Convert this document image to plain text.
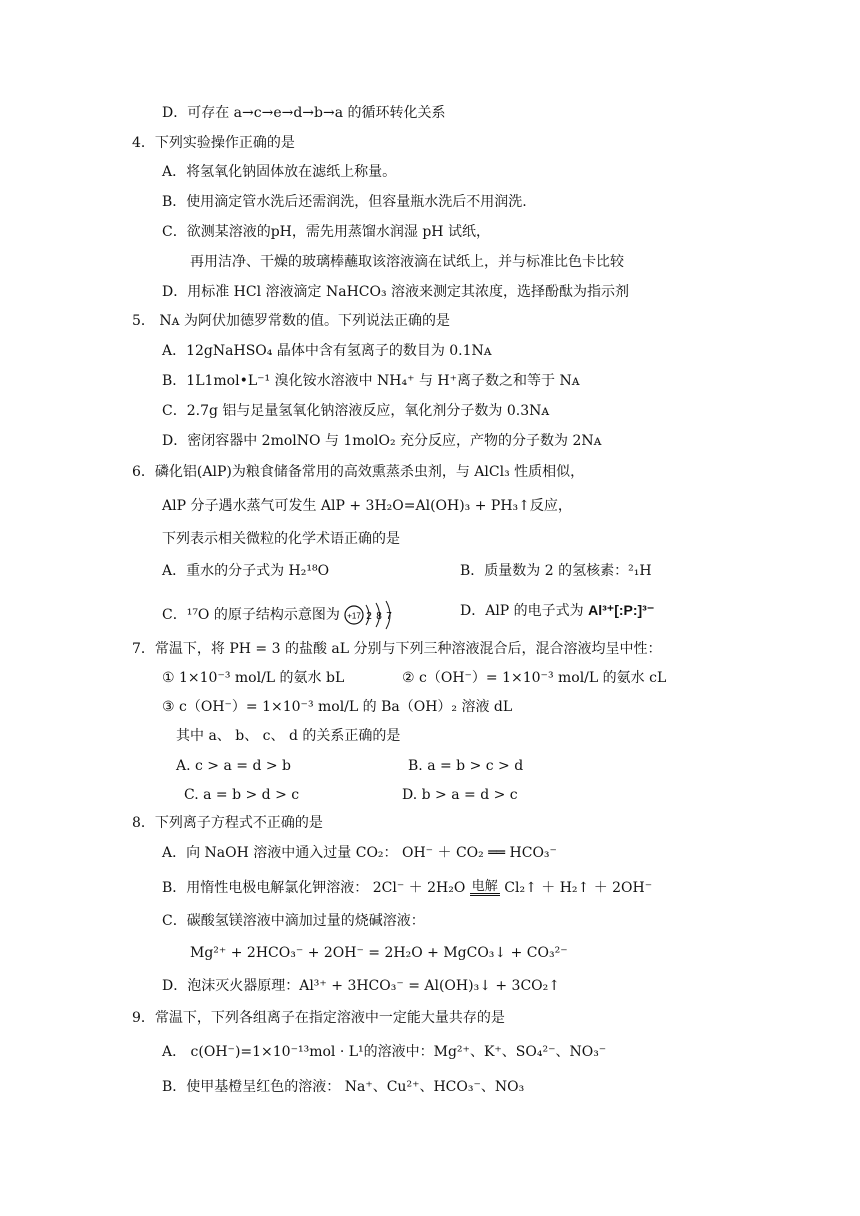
D．可存在 a→c→e→d→b→a 的循环转化关系
4．下列实验操作正确的是
A．将氢氧化钠固体放在滤纸上称量。
B．使用滴定管水洗后还需润洗，但容量瓶水洗后不用润洗.
C．欲测某溶液的pH，需先用蒸馏水润湿 pH 试纸，
再用洁净、干燥的玻璃棒蘸取该溶液滴在试纸上，并与标准比色卡比较
D．用标准 HCl 溶液滴定 NaHCO₃ 溶液来测定其浓度，选择酚酞为指示剂
5． Nᴀ 为阿伏加德罗常数的值。下列说法正确的是
A．12gNaHSO₄ 晶体中含有氢离子的数目为 0.1Nᴀ
B．1L1mol•L⁻¹ 溴化铵水溶液中 NH₄⁺ 与 H⁺离子数之和等于 Nᴀ
C．2.7g 铝与足量氢氧化钠溶液反应，氧化剂分子数为 0.3Nᴀ
D．密闭容器中 2molNO 与 1molO₂ 充分反应，产物的分子数为 2Nᴀ
6．磷化铝(AlP)为粮食储备常用的高效熏蒸杀虫剂，与 AlCl₃ 性质相似，
AlP 分子遇水蒸气可发生 AlP + 3H₂O=Al(OH)₃ + PH₃↑反应，
下列表示相关微粒的化学术语正确的是
A．重水的分子式为 H₂¹⁸O	B．质量数为 2 的氢核素：²₁H
C．¹⁷O 的原子结构示意图为 +17 2 8 7	D．AlP 的电子式为 Al³⁺[:P:]³⁻
7．常温下，将 PH = 3 的盐酸 aL 分别与下列三种溶液混合后，混合溶液均呈中性：
① 1×10⁻³ mol/L 的氨水 bL	② c（OH⁻）= 1×10⁻³ mol/L 的氨水 cL
③ c（OH⁻）= 1×10⁻³ mol/L 的 Ba（OH）₂ 溶液 dL
其中 a、 b、 c、 d 的关系正确的是
A. c > a = d > b	B. a = b > c > d
C. a = b > d > c	D. b > a = d > c
8．下列离子方程式不正确的是
A．向 NaOH 溶液中通入过量 CO₂： OH⁻ ＋ CO₂ ══ HCO₃⁻
B．用惰性电极电解氯化钾溶液： 2Cl⁻ ＋ 2H₂O 电解 Cl₂↑ ＋ H₂↑ ＋ 2OH⁻
C．碳酸氢镁溶液中滴加过量的烧碱溶液：
Mg²⁺ + 2HCO₃⁻ + 2OH⁻ = 2H₂O + MgCO₃↓ + CO₃²⁻
D．泡沫灭火器原理：Al³⁺ + 3HCO₃⁻ = Al(OH)₃↓ + 3CO₂↑
9．常温下，下列各组离子在指定溶液中一定能大量共存的是
A． c(OH⁻)=1×10⁻¹³mol · L¹的溶液中：Mg²⁺、K⁺、SO₄²⁻、NO₃⁻
B．使甲基橙呈红色的溶液： Na⁺、Cu²⁺、HCO₃⁻、NO₃
